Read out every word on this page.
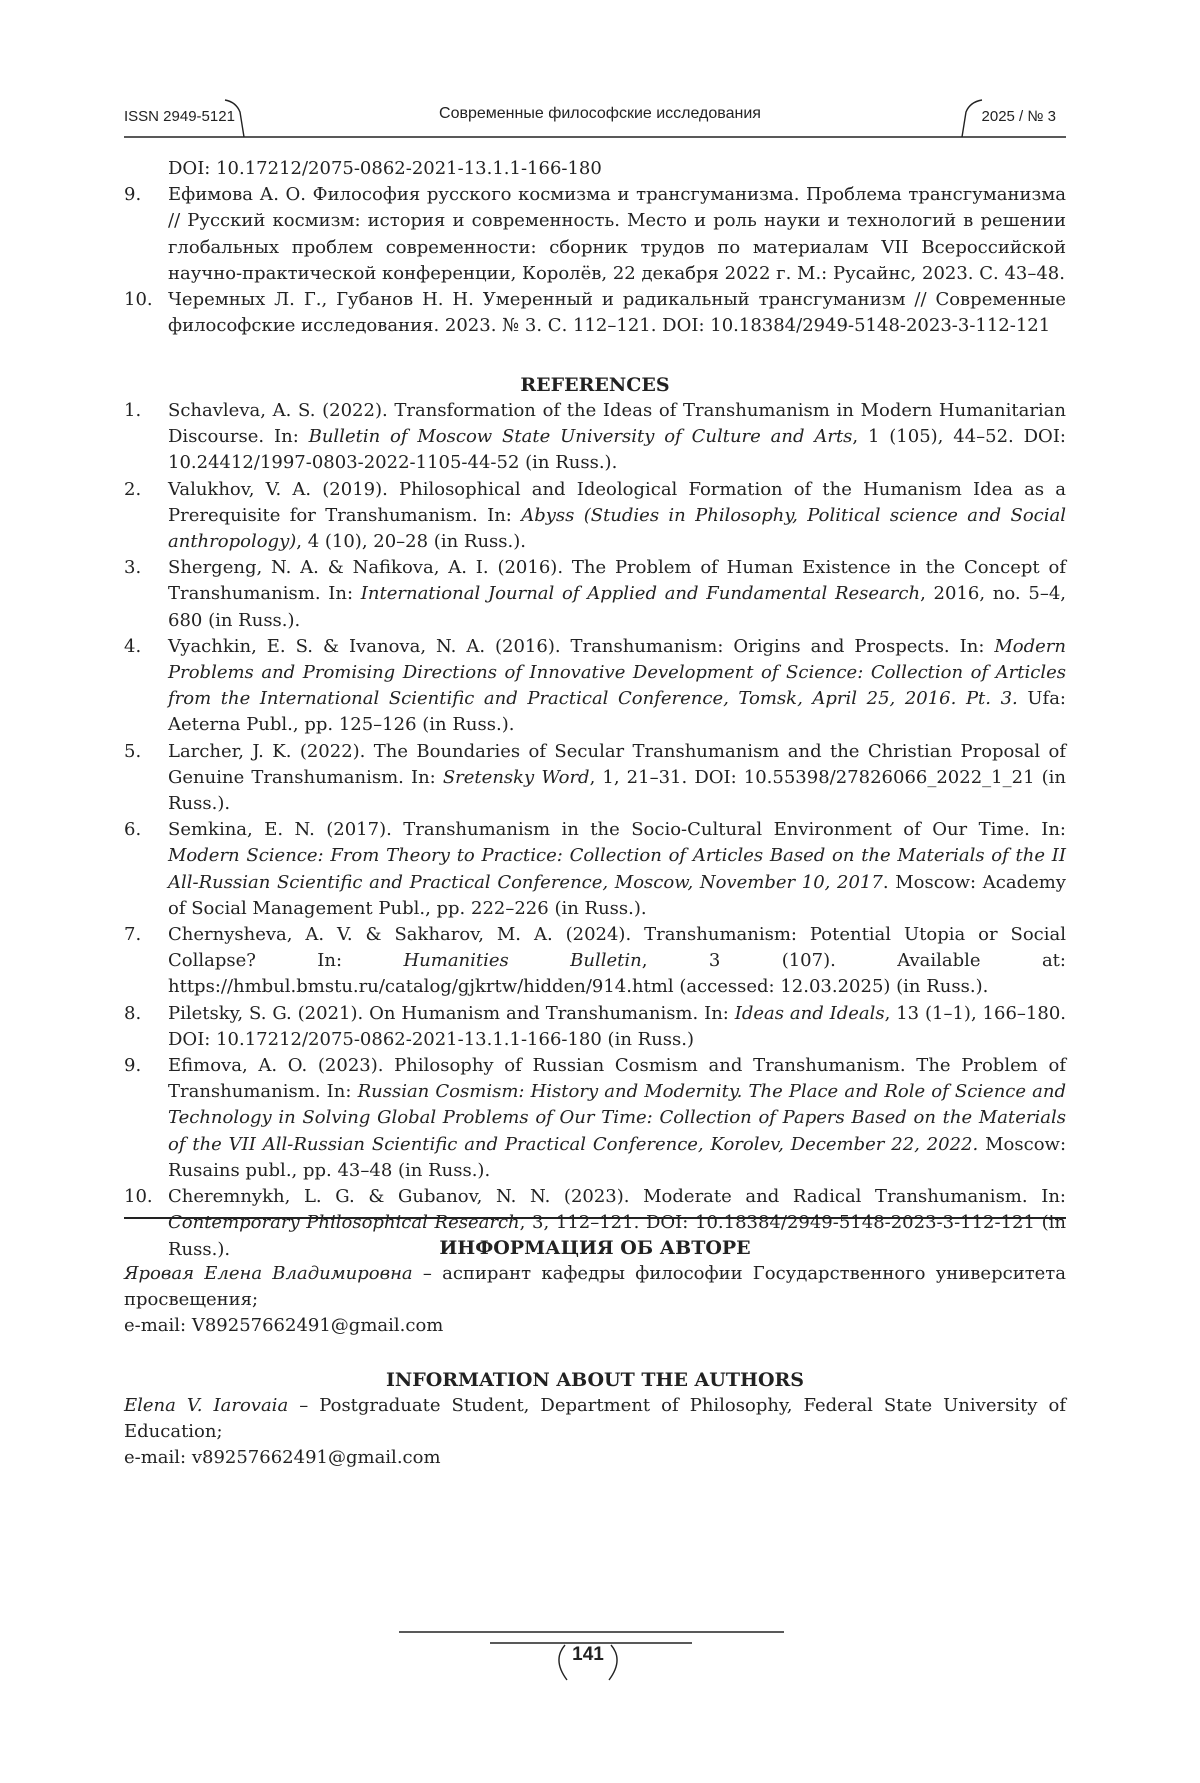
ISSN 2949-5121	Современные философские исследования	2025 / № 3
DOI: 10.17212/2075-0862-2021-13.1.1-166-180
9.	Ефимова А. О. Философия русского космизма и трансгуманизма. Проблема трансгуманизма // Русский космизм: история и современность. Место и роль науки и технологий в решении глобальных проблем современности: сборник трудов по материалам VII Всероссийской научно-практической конференции, Королёв, 22 декабря 2022 г. М.: Русайнс, 2023. С. 43–48.
10. Черемных Л. Г., Губанов Н. Н. Умеренный и радикальный трансгуманизм // Современные философские исследования. 2023. № 3. С. 112–121. DOI: 10.18384/2949-5148-2023-3-112-121
REFERENCES
1.	Schavleva, A. S. (2022). Transformation of the Ideas of Transhumanism in Modern Humanitarian Discourse. In: Bulletin of Moscow State University of Culture and Arts, 1 (105), 44–52. DOI: 10.24412/1997-0803-2022-1105-44-52 (in Russ.).
2.	Valukhov, V. A. (2019). Philosophical and Ideological Formation of the Humanism Idea as a Prerequisite for Transhumanism. In: Abyss (Studies in Philosophy, Political science and Social anthropology), 4 (10), 20–28 (in Russ.).
3.	Shergeng, N. A. & Nafikova, A. I. (2016). The Problem of Human Existence in the Concept of Transhumanism. In: International Journal of Applied and Fundamental Research, 2016, no. 5–4, 680 (in Russ.).
4.	Vyachkin, E. S. & Ivanova, N. A. (2016). Transhumanism: Origins and Prospects. In: Modern Problems and Promising Directions of Innovative Development of Science: Collection of Articles from the International Scientific and Practical Conference, Tomsk, April 25, 2016. Pt. 3. Ufa: Aeterna Publ., pp. 125–126 (in Russ.).
5.	Larcher, J. K. (2022). The Boundaries of Secular Transhumanism and the Christian Proposal of Genuine Transhumanism. In: Sretensky Word, 1, 21–31. DOI: 10.55398/27826066_2022_1_21 (in Russ.).
6.	Semkina, E. N. (2017). Transhumanism in the Socio-Cultural Environment of Our Time. In: Modern Science: From Theory to Practice: Collection of Articles Based on the Materials of the II All-Russian Scientific and Practical Conference, Moscow, November 10, 2017. Moscow: Academy of Social Management Publ., pp. 222–226 (in Russ.).
7.	Chernysheva, A. V. & Sakharov, M. A. (2024). Transhumanism: Potential Utopia or Social Collapse? In: Humanities Bulletin, 3 (107). Available at: https://hmbul.bmstu.ru/catalog/gjkrtw/hidden/914.html (accessed: 12.03.2025) (in Russ.).
8.	Piletsky, S. G. (2021). On Humanism and Transhumanism. In: Ideas and Ideals, 13 (1–1), 166–180. DOI: 10.17212/2075-0862-2021-13.1.1-166-180 (in Russ.)
9.	Efimova, A. O. (2023). Philosophy of Russian Cosmism and Transhumanism. The Problem of Transhumanism. In: Russian Cosmism: History and Modernity. The Place and Role of Science and Technology in Solving Global Problems of Our Time: Collection of Papers Based on the Materials of the VII All-Russian Scientific and Practical Conference, Korolev, December 22, 2022. Moscow: Rusains publ., pp. 43–48 (in Russ.).
10. Cheremnykh, L. G. & Gubanov, N. N. (2023). Moderate and Radical Transhumanism. In: Contemporary Philosophical Research, 3, 112–121. DOI: 10.18384/2949-5148-2023-3-112-121 (in Russ.).	ИНФОРМАЦИЯ ОБ АВТОРЕ
Яровая Елена Владимировна – аспирант кафедры философии Государственного университета просвещения;
e-mail: V89257662491@gmail.com
INFORMATION ABOUT THE AUTHORS
Elena V. Iarovaia – Postgraduate Student, Department of Philosophy, Federal State University of Education;
e-mail: v89257662491@gmail.com
141
